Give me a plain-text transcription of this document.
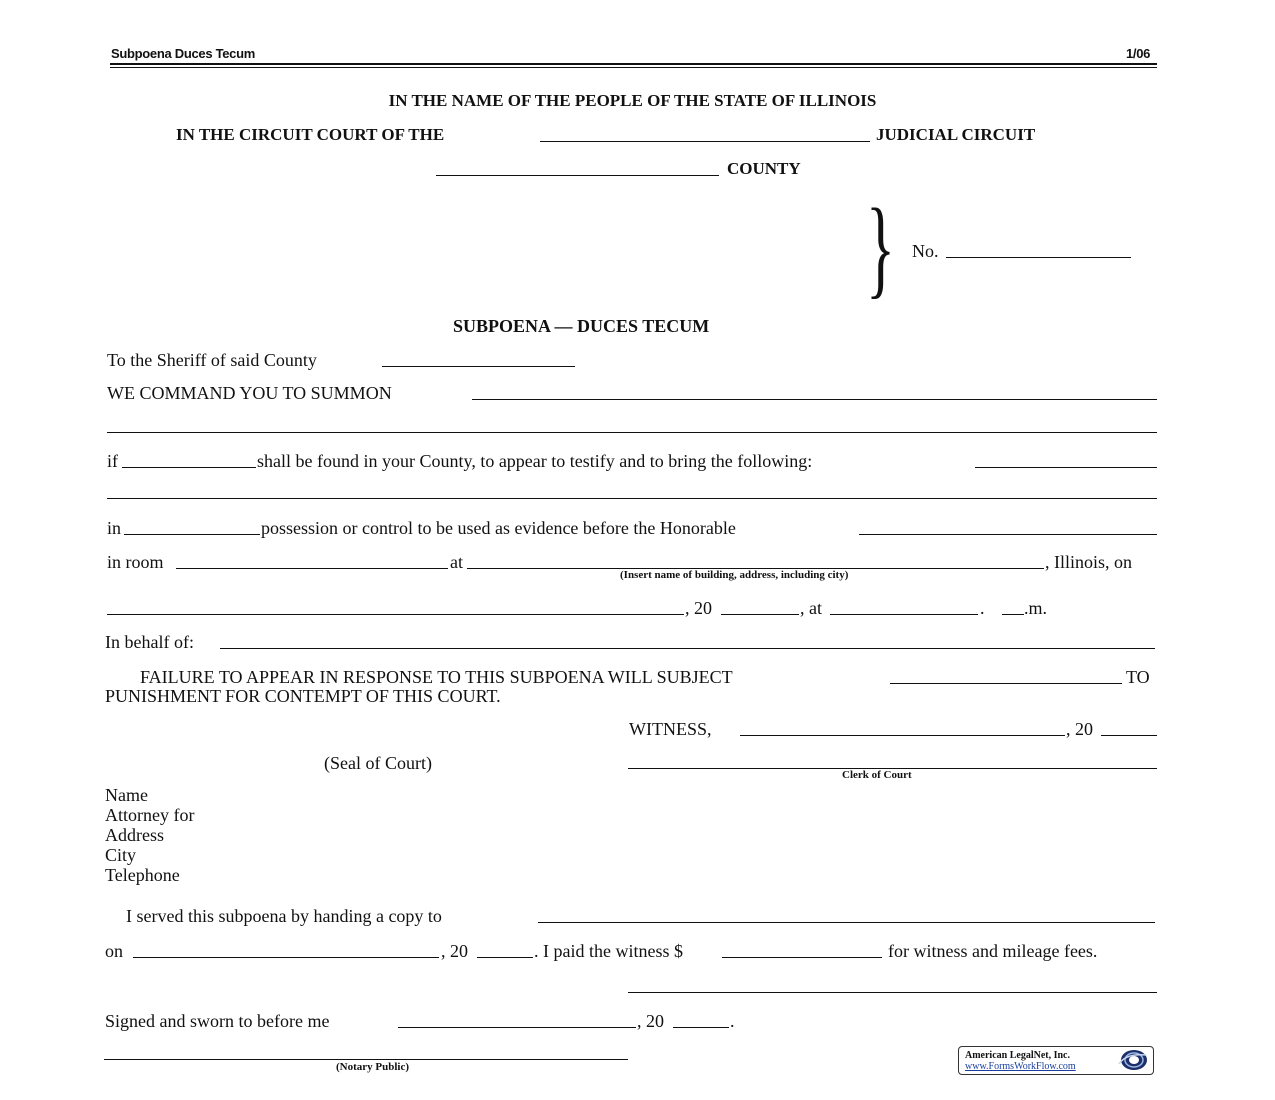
Subpoena Duces Tecum	1/06
IN THE NAME OF THE PEOPLE OF THE STATE OF ILLINOIS
IN THE CIRCUIT COURT OF THE	JUDICIAL CIRCUIT
COUNTY
} No.
SUBPOENA — DUCES TECUM
To the Sheriff of said County
WE COMMAND YOU TO SUMMON
if	shall be found in your County, to appear to testify and to bring the following:
in	possession or control to be used as evidence before the Honorable
in room	at	, Illinois, on
(Insert name of building, address, including city)
, 20	, at	. .m.
In behalf of:
FAILURE TO APPEAR IN RESPONSE TO THIS SUBPOENA WILL SUBJECT	TO
PUNISHMENT FOR CONTEMPT OF THIS COURT.
WITNESS,	, 20
(Seal of Court)
Clerk of Court
Name
Attorney for
Address
City
Telephone
I served this subpoena by handing a copy to
on	, 20	. I paid the witness $	for witness and mileage fees.
Signed and sworn to before me	, 20	.
(Notary Public)
American LegalNet, Inc.
www.FormsWorkFlow.com
